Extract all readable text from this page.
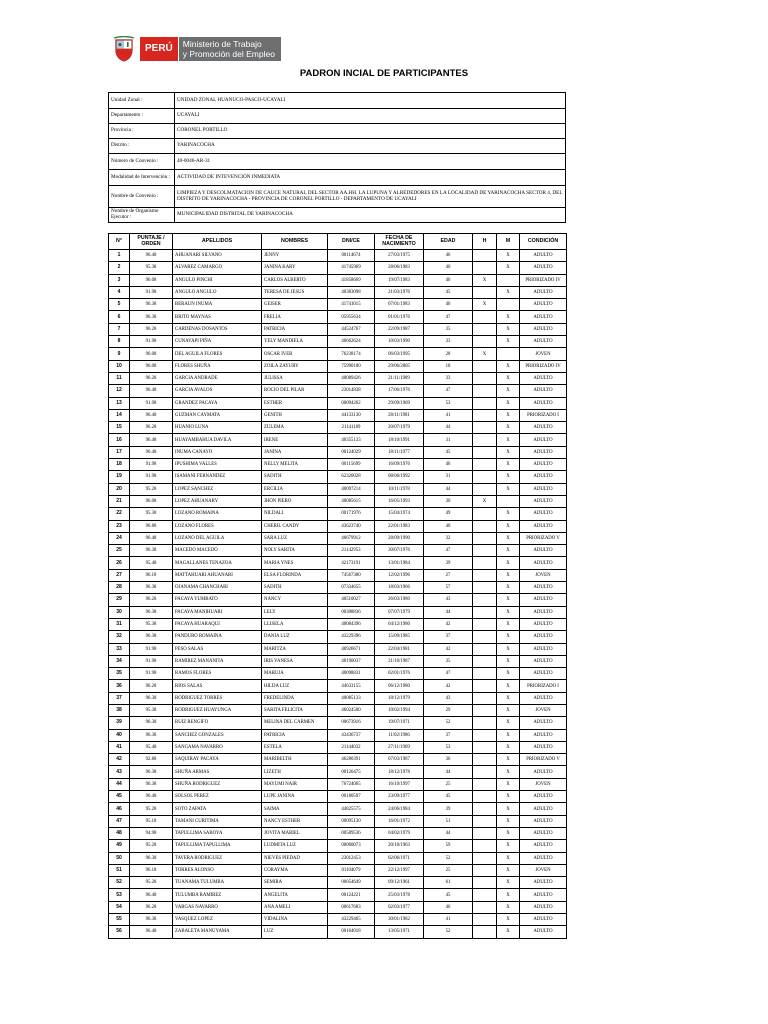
PERÚ	Ministerio de Trabajo
y Promoción del Empleo
PADRON INCIAL DE PARTICIPANTES
Unidad Zonal :	UNIDAD ZONAL HUANUCO-PASCO-UCAYALI
Departamento :	UCAYALI
Provincia :	CORONEL PORTILLO
Distrito :	YARINACOCHA
Número de Convenio :	40-0046-AR-31
Modalidad de Intervención :	ACTIVIDAD DE INTEVENCION INMEDIATA
Nombre de Convenio :	LIMPIEZA Y DESCOLMATACION DE CAUCE NATURAL DEL SECTOR AA.HH. LA LUPUNA Y ALREDEDORES EN LA LOCALIDAD DE YARINACOCHA SECTOR 4, DEL DISTRITO DE YARINACOCHA - PROVINCIA DE CORONEL PORTILLO - DEPARTAMENTO DE UCAYALI
Nombre de Organismo Ejecutor :	MUNICIPALIDAD DISTRITAL DE YARINACOCHA
N°	PUNTAJE / ORDEN	APELLIDOS	NOMBRES	DNI/CE	FECHA DE NACIMIENTO	EDAD	H	M	CONDICIÓN
1	96.48	AHUANARI SILVANO	JENNY	00114674	27/03/1975	46		X	ADULTO
2	95.38	ALVAREZ CAMARGO	JANINA KARY	41745969	28/06/1983	40		X	ADULTO
3	96.08	ANGULO PINCHI	CARLOS ALBERTO	41858669	19/07/1983	40	X		PRIORIZADO IV
4	91.98	ANGULO ANGULO	TERESA DE JESUS	40383098	21/03/1976	45		X	ADULTO
5	96.38	BERAUN INUMA	GEISER	41741015	07/01/1983	40	X		ADULTO
6	96.38	BRITO MAYNAS	FRELIA	05955634	01/01/1976	47		X	ADULTO
7	96.28	CARDENAS DOSANTOS	PATRICIA	44524767	22/09/1987	35		X	ADULTO
8	91.98	CUNAYAPI PIÑA	YELY MANDIELA	46662624	10/03/1990	33		X	ADULTO
9	96.08	DEL AGUILA FLORES	OSCAR IVER	76238174	06/03/1995	28	X		JOVEN
10	96.08	FLORES SHUÑA	ZOILA ZAYURY	75990180	29/06/2005	18		X	PRIORIZADO IV
11	96.28	GARCIA ANDRADE	JULISSA	40089426	21/11/1989	33		X	ADULTO
12	96.48	GARCIA AVALOS	ROCIO DEL PILAR	23014838	17/06/1976	47		X	ADULTO
13	91.98	GRANDEZ PACAYA	ESTHER	00094262	29/09/1969	53		X	ADULTO
14	96.48	GUZMAN CAYMATA	GENITH	44133130	28/11/1981	41		X	PRIORIZADO I
15	96.28	HUANIO LUNA	ZULEMA	21141189	20/07/1979	44		X	ADULTO
16	96.48	HUAYAMBAHUA DAVILA	IRENE	40355133	18/10/1991	31		X	ADULTO
17	96.48	INUMA CANAYO	JANINA	00124029	18/11/1977	45		X	ADULTO
18	91.98	IPUSHIMA VALLES	NELLY MELITA	00115699	16/09/1976	46		X	ADULTO
19	91.98	ISAMANI FERNANDEZ	SADITH	62320028	08/06/1992	31		X	ADULTO
20	95.28	LOPEZ SANCHEZ	ERCILIA	40097214	10/11/1978	44		X	ADULTO
21	96.08	LOPEZ AHUANARY	JHON PIERO	40085615	16/05/1993	30	X		ADULTO
22	95.38	LOZANO ROMAINA	NILDALI	00171976	15/04/1974	49		X	ADULTO
23	96.88	LOZANO FLORES	CHERIL CANDY	43623740	22/01/1983	40		X	ADULTO
24	96.48	LOZANO DEL AGUILA	SARA LUZ	46679912	28/09/1990	32		X	PRIORIZADO V
25	96.38	MACEDO MACEDO	NOLY SARITA	21142953	30/07/1976	47		X	ADULTO
26	95.48	MAGALLANES TENAZOA	MARIA YNES	42173191	13/01/1984	39		X	ADULTO
27	96.18	MATTAHUARI AHUANARI	ELSA FLORINDA	74567380	12/02/1996	27		X	JOVEN
28	96.38	OJANAMA CHANCHARI	SADITH	07334655	18/03/1966	57		X	ADULTO
29	96.28	PACAYA YUMBATO	NANCY	40510027	26/03/1980	43		X	ADULTO
30	96.38	PACAYA MANIHUARI	LELY	00308836	07/07/1979	44		X	ADULTO
31	95.38	PACAYA HUARAQUI	LLISELA	40084396	04/12/1980	42		X	ADULTO
32	96.38	PANDURO ROMAINA	DANIA LUZ	43229396	15/09/1985	37		X	ADULTO
33	91.98	PESO SALAS	MARITZA	40926671	22/04/1981	42		X	ADULTO
34	91.98	RAMIREZ MANANITA	IRIS YANESA	48190037	21/10/1987	35		X	ADULTO
35	91.98	RAMOS FLORES	MARUJA	40098831	02/01/1976	47		X	ADULTO
36	96.28	RIOS SALAS	HILDA LUZ	44633155	06/12/1980	42		X	PRIORIZADO I
37	96.38	RODRIGUEZ TORRES	FREDELINDA	40085133	18/12/1979	43		X	ADULTO
38	95.38	RODRIGUEZ HUAYUNGA	SARITA FELICITA	46024580	10/02/1994	29		X	JOVEN
39	96.38	RUIZ RENGIFO	MELINA DEL CARMEN	00673916	19/07/1971	52		X	ADULTO
40	96.38	SANCHEZ GONZALES	PATRICIA	43436737	11/02/1986	37		X	ADULTO
41	95.48	SANGAMA NAVARRO	ESTELA	21144032	27/11/1969	53		X	ADULTO
42	92.88	SAQUIRAY PACAYA	MARIBELTH	46280391	07/03/1987	36		X	PRIORIZADO V
43	96.38	SHUÑA ARMAS	LIZETH	00126475	18/12/1978	44		X	ADULTO
44	96.38	SHUÑA RODRIGUEZ	MAYUMI NAIR	76724065	16/10/1997	25		X	JOVEN
45	96.48	SOLSOL PEREZ	LUPE JANINA	00180597	23/09/1977	45		X	ADULTO
46	95.28	SOTO ZAPATA	SAIMA	44825575	24/06/1984	39		X	ADULTO
47	95.18	TAMANI CURITIMA	NANCY ESTHER	00095130	16/01/1972	51		X	ADULTO
48	94.98	TAPULLIMA SABOYA	JOVITA MARIEL	00589536	04/02/1979	44		X	ADULTO
49	95.28	TAPULLIMA TAPULLIMA	LUDMITA LUZ	00060073	20/10/1963	59		X	ADULTO
50	96.38	TAVERA RODRIGUEZ	NIEVES PIEDAD	23012453	02/06/1971	52		X	ADULTO
51	96.18	TORRES ALONSO	CORAYMA	01104079	22/12/1997	25		X	JOVEN
52	95.28	TUANAMA TULUMBA	SEMIRA	00054649	09/12/1961	61		X	ADULTO
53	96.48	TULUMBA RAMIREZ	ANGELITA	00124221	25/03/1978	45		X	ADULTO
54	96.28	VARGAS NAVARRO	ANA AMELI	00617683	02/03/1977	46		X	ADULTO
55	96.38	VASQUEZ LOPEZ	VIDALINA	43229465	30/01/1982	41		X	ADULTO
56	96.48	ZABALETA MANUYAMA	LUZ	00164018	13/05/1971	52		X	ADULTO
